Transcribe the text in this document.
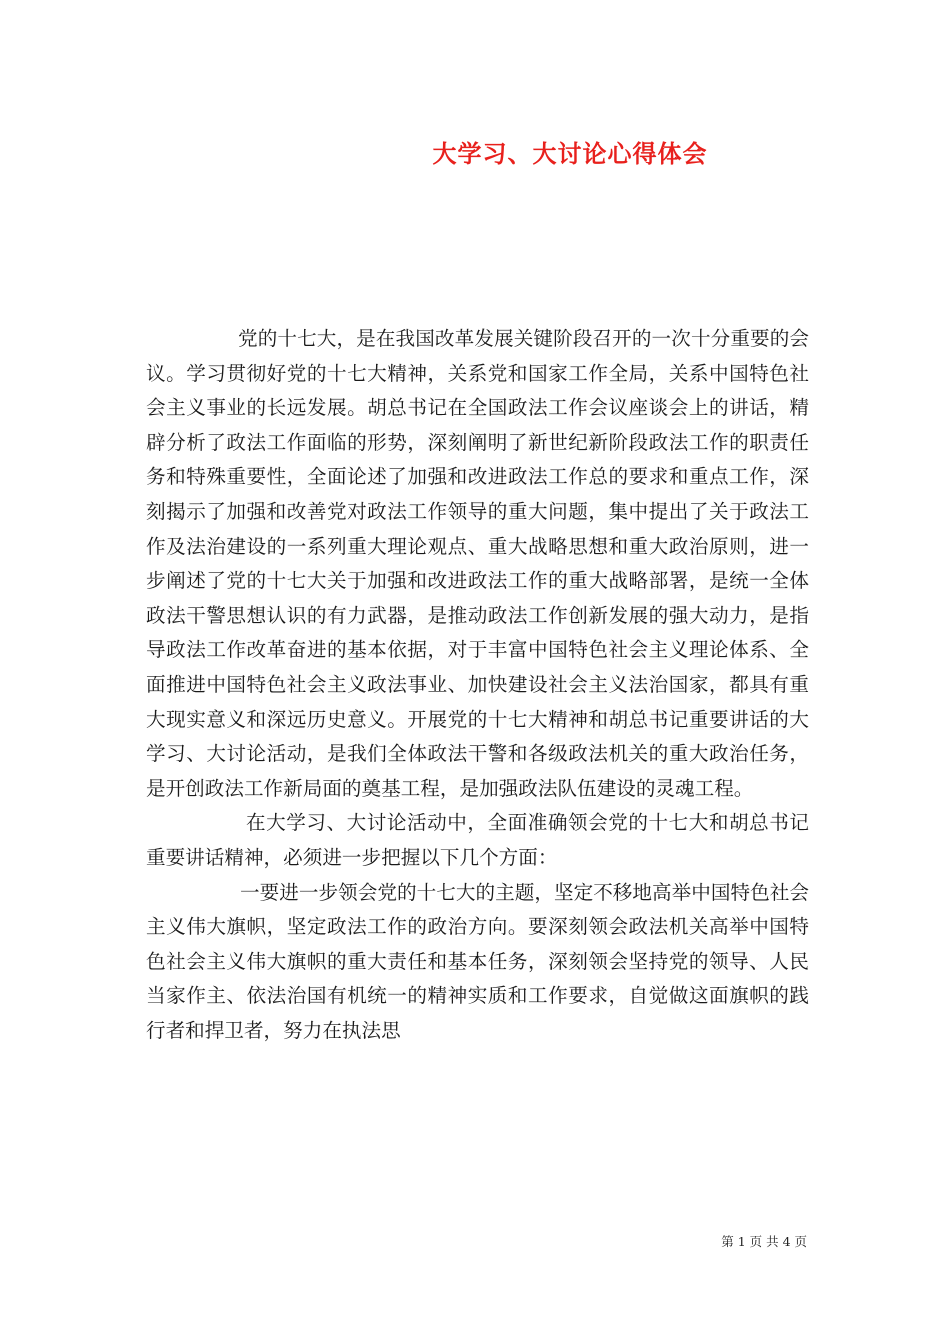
大学习、大讨论心得体会

党的十七大，是在我国改革发展关键阶段召开的一次十分重要的会议。学习贯彻好党的十七大精神，关系党和国家工作全局，关系中国特色社会主义事业的长远发展。胡总书记在全国政法工作会议座谈会上的讲话，精辟分析了政法工作面临的形势，深刻阐明了新世纪新阶段政法工作的职责任务和特殊重要性，全面论述了加强和改进政法工作总的要求和重点工作，深刻揭示了加强和改善党对政法工作领导的重大问题，集中提出了关于政法工作及法治建设的一系列重大理论观点、重大战略思想和重大政治原则，进一步阐述了党的十七大关于加强和改进政法工作的重大战略部署，是统一全体政法干警思想认识的有力武器，是推动政法工作创新发展的强大动力，是指导政法工作改革奋进的基本依据，对于丰富中国特色社会主义理论体系、全面推进中国特色社会主义政法事业、加快建设社会主义法治国家，都具有重大现实意义和深远历史意义。开展党的十七大精神和胡总书记重要讲话的大学习、大讨论活动，是我们全体政法干警和各级政法机关的重大政治任务，是开创政法工作新局面的奠基工程，是加强政法队伍建设的灵魂工程。

在大学习、大讨论活动中，全面准确领会党的十七大和胡总书记重要讲话精神，必须进一步把握以下几个方面：

一要进一步领会党的十七大的主题，坚定不移地高举中国特色社会主义伟大旗帜，坚定政法工作的政治方向。要深刻领会政法机关高举中国特色社会主义伟大旗帜的重大责任和基本任务，深刻领会坚持党的领导、人民当家作主、依法治国有机统一的精神实质和工作要求，自觉做这面旗帜的践行者和捍卫者，努力在执法思

第 1 页 共 4 页
